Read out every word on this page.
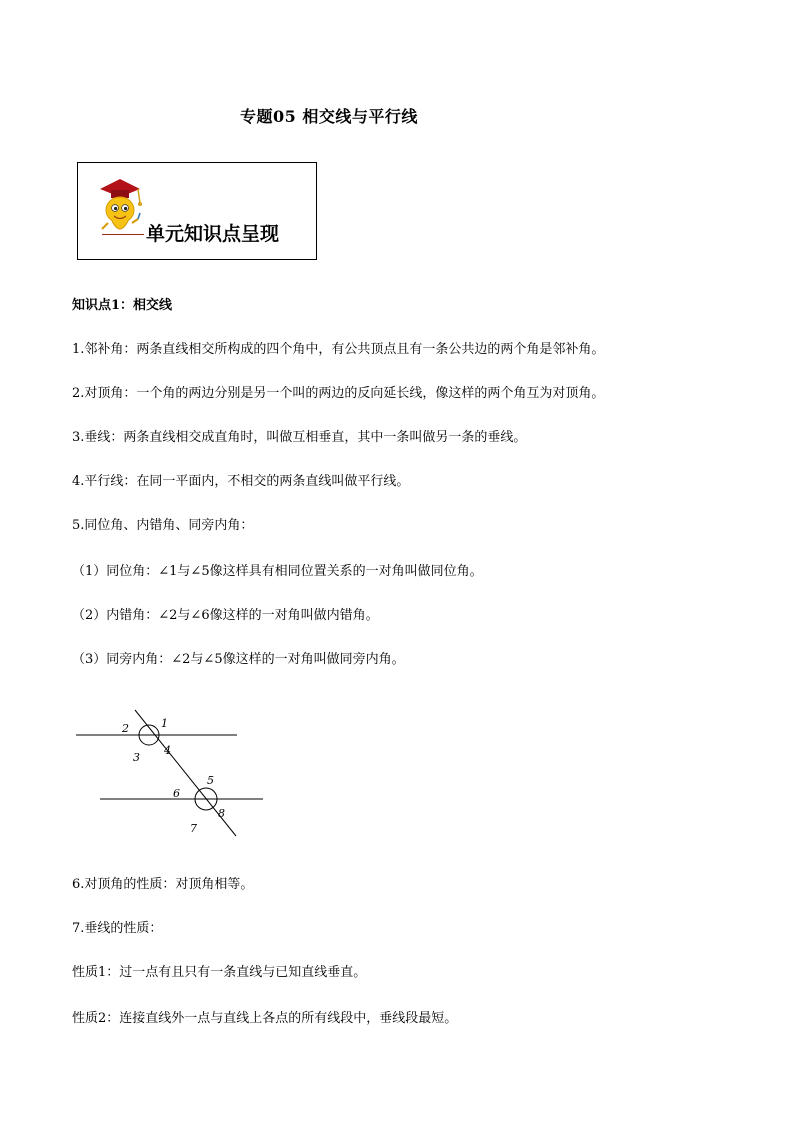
专题05 相交线与平行线
单元知识点呈现
知识点1：相交线
1.邻补角：两条直线相交所构成的四个角中，有公共顶点且有一条公共边的两个角是邻补角。
2.对顶角：一个角的两边分别是另一个叫的两边的反向延长线，像这样的两个角互为对顶角。
3.垂线：两条直线相交成直角时，叫做互相垂直，其中一条叫做另一条的垂线。
4.平行线：在同一平面内，不相交的两条直线叫做平行线。
5.同位角、内错角、同旁内角：
（1）同位角：∠1与∠5像这样具有相同位置关系的一对角叫做同位角。
（2）内错角：∠2与∠6像这样的一对角叫做内错角。
（3）同旁内角：∠2与∠5像这样的一对角叫做同旁内角。
1
2
3
4
5
6
7
8
6.对顶角的性质：对顶角相等。
7.垂线的性质：
性质1：过一点有且只有一条直线与已知直线垂直。
性质2：连接直线外一点与直线上各点的所有线段中，垂线段最短。
